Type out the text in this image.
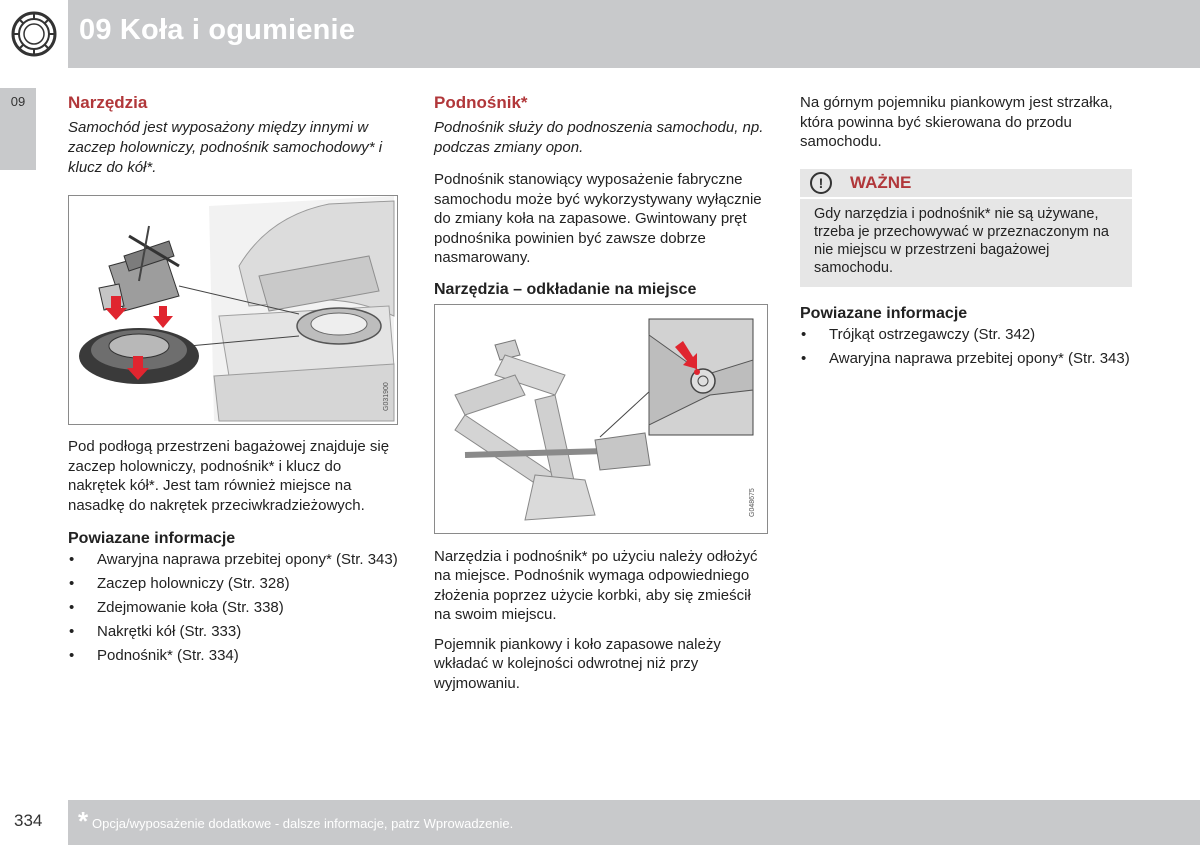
09 Koła i ogumienie
09	Narzędzia

Samochód jest wyposażony między innymi w zaczep holowniczy, podnośnik samochodowy* i klucz do kół*.

G031900

Pod podłogą przestrzeni bagażowej znajduje się zaczep holowniczy, podnośnik* i klucz do nakrętek kół*. Jest tam również miejsce na nasadkę do nakrętek przeciwkradzieżowych.

Powiazane informacje
• Awaryjna naprawa przebitej opony* (Str. 343)
• Zaczep holowniczy (Str. 328)
• Zdejmowanie koła (Str. 338)
• Nakrętki kół (Str. 333)
• Podnośnik* (Str. 334)
Podnośnik*

Podnośnik służy do podnoszenia samochodu, np. podczas zmiany opon.

Podnośnik stanowiący wyposażenie fabryczne samochodu może być wykorzystywany wyłącznie do zmiany koła na zapasowe. Gwintowany pręt podnośnika powinien być zawsze dobrze nasmarowany.

Narzędzia – odkładanie na miejsce
G048675

Narzędzia i podnośnik* po użyciu należy odłożyć na miejsce. Podnośnik wymaga odpowiedniego złożenia poprzez użycie korbki, aby się zmieścił na swoim miejscu.

Pojemnik piankowy i koło zapasowe należy wkładać w kolejności odwrotnej niż przy wyjmowaniu.

Na górnym pojemniku piankowym jest strzałka, która powinna być skierowana do przodu samochodu.

!	WAŻNE
Gdy narzędzia i podnośnik* nie są używane, trzeba je przechowywać w przeznaczonym na nie miejscu w przestrzeni bagażowej samochodu.
Powiazane informacje
• Trójkąt ostrzegawczy (Str. 342)
• Awaryjna naprawa przebitej opony* (Str. 343)
334 * Opcja/wyposażenie dodatkowe - dalsze informacje, patrz Wprowadzenie.
